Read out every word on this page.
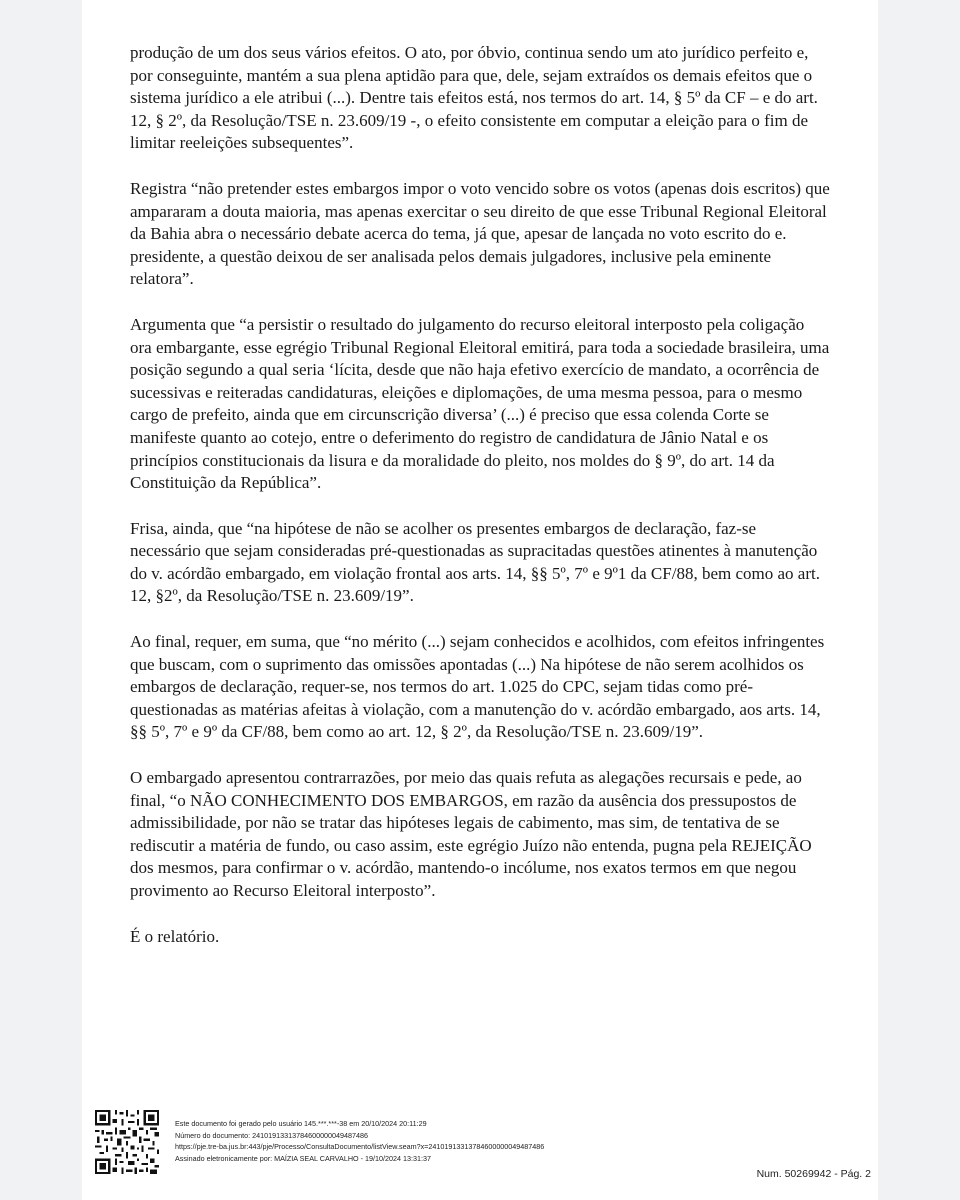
produção de um dos seus vários efeitos. O ato, por óbvio, continua sendo um ato jurídico perfeito e, por conseguinte, mantém a sua plena aptidão para que, dele, sejam extraídos os demais efeitos que o sistema jurídico a ele atribui (...). Dentre tais efeitos está, nos termos do art. 14, § 5º da CF – e do art. 12, § 2º, da Resolução/TSE n. 23.609/19 -, o efeito consistente em computar a eleição para o fim de limitar reeleições subsequentes”.

Registra “não pretender estes embargos impor o voto vencido sobre os votos (apenas dois escritos) que ampararam a douta maioria, mas apenas exercitar o seu direito de que esse Tribunal Regional Eleitoral da Bahia abra o necessário debate acerca do tema, já que, apesar de lançada no voto escrito do e. presidente, a questão deixou de ser analisada pelos demais julgadores, inclusive pela eminente relatora”.

Argumenta que “a persistir o resultado do julgamento do recurso eleitoral interposto pela coligação ora embargante, esse egrégio Tribunal Regional Eleitoral emitirá, para toda a sociedade brasileira, uma posição segundo a qual seria ‘lícita, desde que não haja efetivo exercício de mandato, a ocorrência de sucessivas e reiteradas candidaturas, eleições e diplomações, de uma mesma pessoa, para o mesmo cargo de prefeito, ainda que em circunscrição diversa’ (...) é preciso que essa colenda Corte se manifeste quanto ao cotejo, entre o deferimento do registro de candidatura de Jânio Natal e os princípios constitucionais da lisura e da moralidade do pleito, nos moldes do § 9º, do art. 14 da Constituição da República”.

Frisa, ainda, que “na hipótese de não se acolher os presentes embargos de declaração, faz-se necessário que sejam consideradas pré-questionadas as supracitadas questões atinentes à manutenção do v. acórdão embargado, em violação frontal aos arts. 14, §§ 5º, 7º e 9º1 da CF/88, bem como ao art. 12, §2º, da Resolução/TSE n. 23.609/19”.

Ao final, requer, em suma, que “no mérito (...) sejam conhecidos e acolhidos, com efeitos infringentes que buscam, com o suprimento das omissões apontadas (...) Na hipótese de não serem acolhidos os embargos de declaração, requer-se, nos termos do art. 1.025 do CPC, sejam tidas como pré-questionadas as matérias afeitas à violação, com a manutenção do v. acórdão embargado, aos arts. 14, §§ 5º, 7º e 9º da CF/88, bem como ao art. 12, § 2º, da Resolução/TSE n. 23.609/19”.

O embargado apresentou contrarrazões, por meio das quais refuta as alegações recursais e pede, ao final, “o NÃO CONHECIMENTO DOS EMBARGOS, em razão da ausência dos pressupostos de admissibilidade, por não se tratar das hipóteses legais de cabimento, mas sim, de tentativa de se rediscutir a matéria de fundo, ou caso assim, este egrégio Juízo não entenda, pugna pela REJEIÇÃO dos mesmos, para confirmar o v. acórdão, mantendo-o incólume, nos exatos termos em que negou provimento ao Recurso Eleitoral interposto”.

É o relatório.

Este documento foi gerado pelo usuário 145.***.***-38 em 20/10/2024 20:11:29
Número do documento: 24101913313784600000049487486
https://pje.tre-ba.jus.br:443/pje/Processo/ConsultaDocumento/listView.seam?x=24101913313784600000049487486
Assinado eletronicamente por: MAÍZIA SEAL CARVALHO - 19/10/2024 13:31:37
Num. 50269942 - Pág. 2
